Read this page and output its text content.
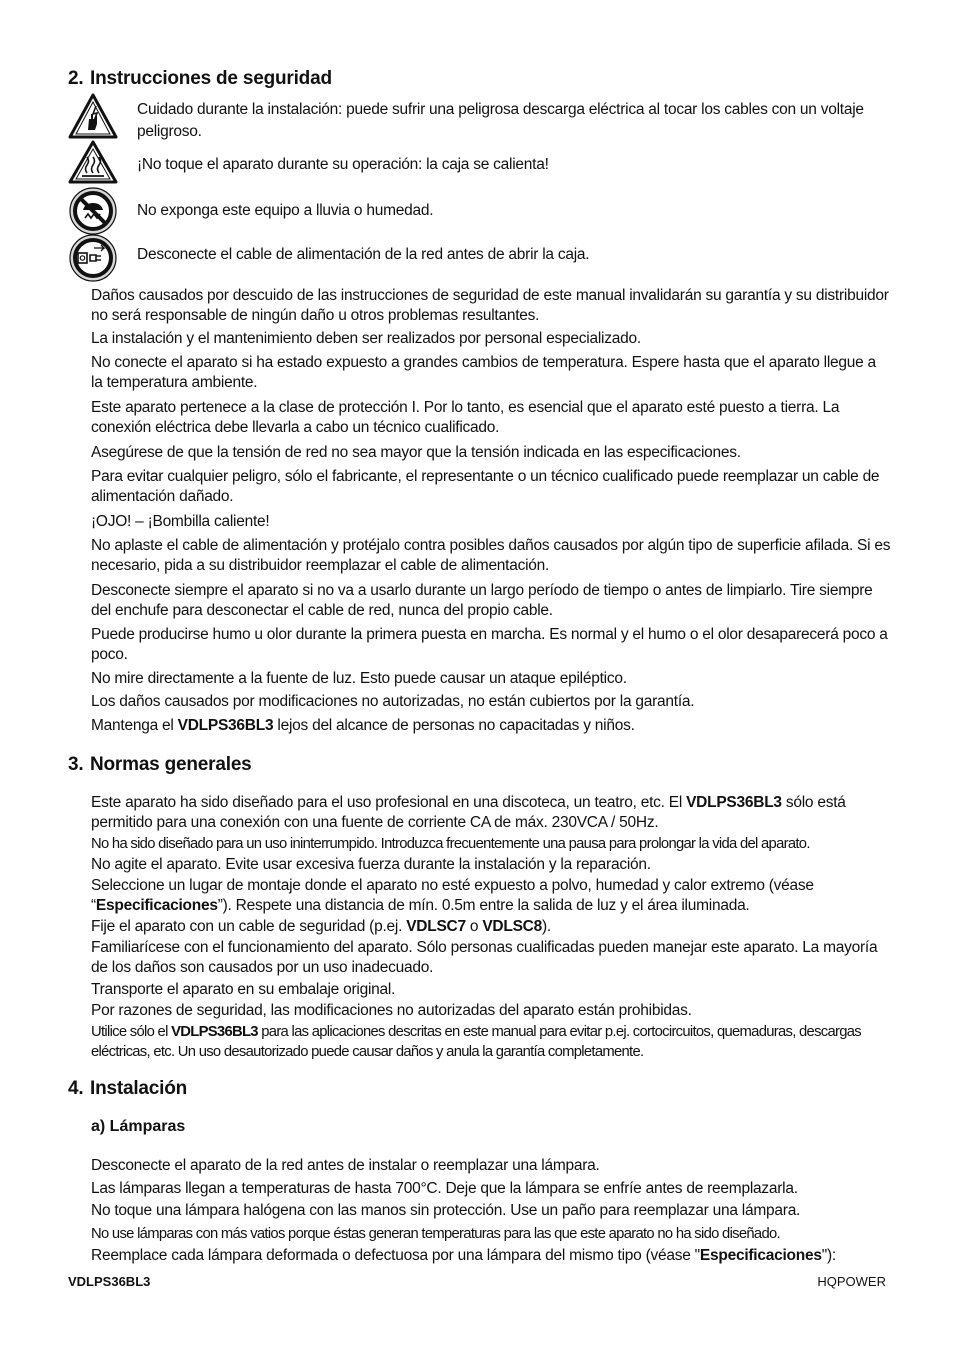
2. Instrucciones de seguridad
Cuidado durante la instalación: puede sufrir una peligrosa descarga eléctrica al tocar los cables con un voltaje peligroso.
¡No toque el aparato durante su operación: la caja se calienta!
No exponga este equipo a lluvia o humedad.
Desconecte el cable de alimentación de la red antes de abrir la caja.
Daños causados por descuido de las instrucciones de seguridad de este manual invalidarán su garantía y su distribuidor no será responsable de ningún daño u otros problemas resultantes.
La instalación y el mantenimiento deben ser realizados por personal especializado.
No conecte el aparato si ha estado expuesto a grandes cambios de temperatura. Espere hasta que el aparato llegue a la temperatura ambiente.
Este aparato pertenece a la clase de protección I. Por lo tanto, es esencial que el aparato esté puesto a tierra. La conexión eléctrica debe llevarla a cabo un técnico cualificado.
Asegúrese de que la tensión de red no sea mayor que la tensión indicada en las especificaciones.
Para evitar cualquier peligro, sólo el fabricante, el representante o un técnico cualificado puede reemplazar un cable de alimentación dañado.
¡OJO! – ¡Bombilla caliente!
No aplaste el cable de alimentación y protéjalo contra posibles daños causados por algún tipo de superficie afilada. Si es necesario, pida a su distribuidor reemplazar el cable de alimentación.
Desconecte siempre el aparato si no va a usarlo durante un largo período de tiempo o antes de limpiarlo. Tire siempre del enchufe para desconectar el cable de red, nunca del propio cable.
Puede producirse humo u olor durante la primera puesta en marcha. Es normal y el humo o el olor desaparecerá poco a poco.
No mire directamente a la fuente de luz. Esto puede causar un ataque epiléptico.
Los daños causados por modificaciones no autorizadas, no están cubiertos por la garantía.
Mantenga el VDLPS36BL3 lejos del alcance de personas no capacitadas y niños.
3. Normas generales
Este aparato ha sido diseñado para el uso profesional en una discoteca, un teatro, etc. El VDLPS36BL3 sólo está permitido para una conexión con una fuente de corriente CA de máx. 230VCA / 50Hz.
No ha sido diseñado para un uso ininterrumpido. Introduzca frecuentemente una pausa para prolongar la vida del aparato.
No agite el aparato. Evite usar excesiva fuerza durante la instalación y la reparación.
Seleccione un lugar de montaje donde el aparato no esté expuesto a polvo, humedad y calor extremo (véase “Especificaciones”). Respete una distancia de mín. 0.5m entre la salida de luz y el área iluminada.
Fije el aparato con un cable de seguridad (p.ej. VDLSC7 o VDLSC8).
Familiarícese con el funcionamiento del aparato. Sólo personas cualificadas pueden manejar este aparato. La mayoría de los daños son causados por un uso inadecuado.
Transporte el aparato en su embalaje original.
Por razones de seguridad, las modificaciones no autorizadas del aparato están prohibidas.
Utilice sólo el VDLPS36BL3 para las aplicaciones descritas en este manual para evitar p.ej. cortocircuitos, quemaduras, descargas eléctricas, etc. Un uso desautorizado puede causar daños y anula la garantía completamente.
4. Instalación
a) Lámparas
Desconecte el aparato de la red antes de instalar o reemplazar una lámpara.
Las lámparas llegan a temperaturas de hasta 700°C. Deje que la lámpara se enfríe antes de reemplazarla.
No toque una lámpara halógena con las manos sin protección. Use un paño para reemplazar una lámpara.
No use lámparas con más vatios porque éstas generan temperaturas para las que este aparato no ha sido diseñado.
Reemplace cada lámpara deformada o defectuosa por una lámpara del mismo tipo (véase "Especificaciones"):
VDLPS36BL3	HQPOWER
